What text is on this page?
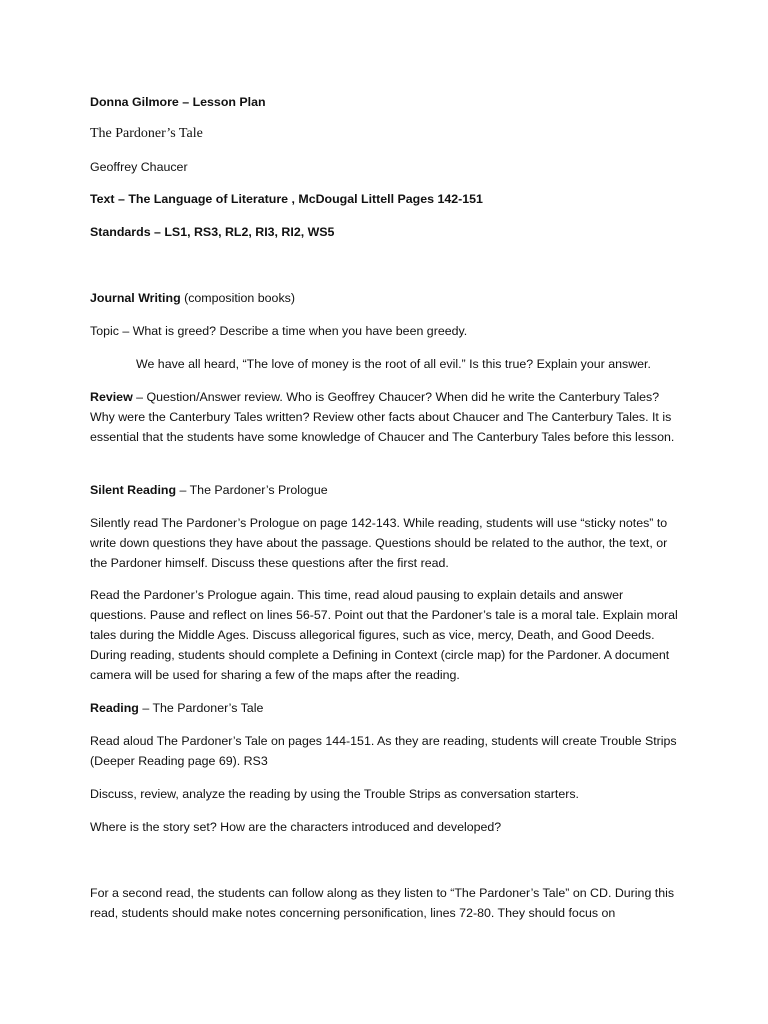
Donna Gilmore – Lesson Plan

The Pardoner’s Tale

Geoffrey Chaucer

Text – The Language of Literature , McDougal Littell Pages 142-151

Standards – LS1, RS3, RL2, RI3, RI2, WS5

Journal Writing (composition books)

Topic – What is greed? Describe a time when you have been greedy.

We have all heard, “The love of money is the root of all evil.” Is this true? Explain your answer.

Review – Question/Answer review. Who is Geoffrey Chaucer? When did he write the Canterbury Tales? Why were the Canterbury Tales written? Review other facts about Chaucer and The Canterbury Tales. It is essential that the students have some knowledge of Chaucer and The Canterbury Tales before this lesson.

Silent Reading – The Pardoner’s Prologue

Silently read The Pardoner’s Prologue on page 142-143. While reading, students will use “sticky notes” to write down questions they have about the passage. Questions should be related to the author, the text, or the Pardoner himself. Discuss these questions after the first read.

Read the Pardoner’s Prologue again. This time, read aloud pausing to explain details and answer questions. Pause and reflect on lines 56-57. Point out that the Pardoner’s tale is a moral tale. Explain moral tales during the Middle Ages. Discuss allegorical figures, such as vice, mercy, Death, and Good Deeds. During reading, students should complete a Defining in Context (circle map) for the Pardoner. A document camera will be used for sharing a few of the maps after the reading.

Reading – The Pardoner’s Tale

Read aloud The Pardoner’s Tale on pages 144-151. As they are reading, students will create Trouble Strips (Deeper Reading page 69). RS3

Discuss, review, analyze the reading by using the Trouble Strips as conversation starters.

Where is the story set? How are the characters introduced and developed?

For a second read, the students can follow along as they listen to “The Pardoner’s Tale” on CD. During this read, students should make notes concerning personification, lines 72-80. They should focus on
